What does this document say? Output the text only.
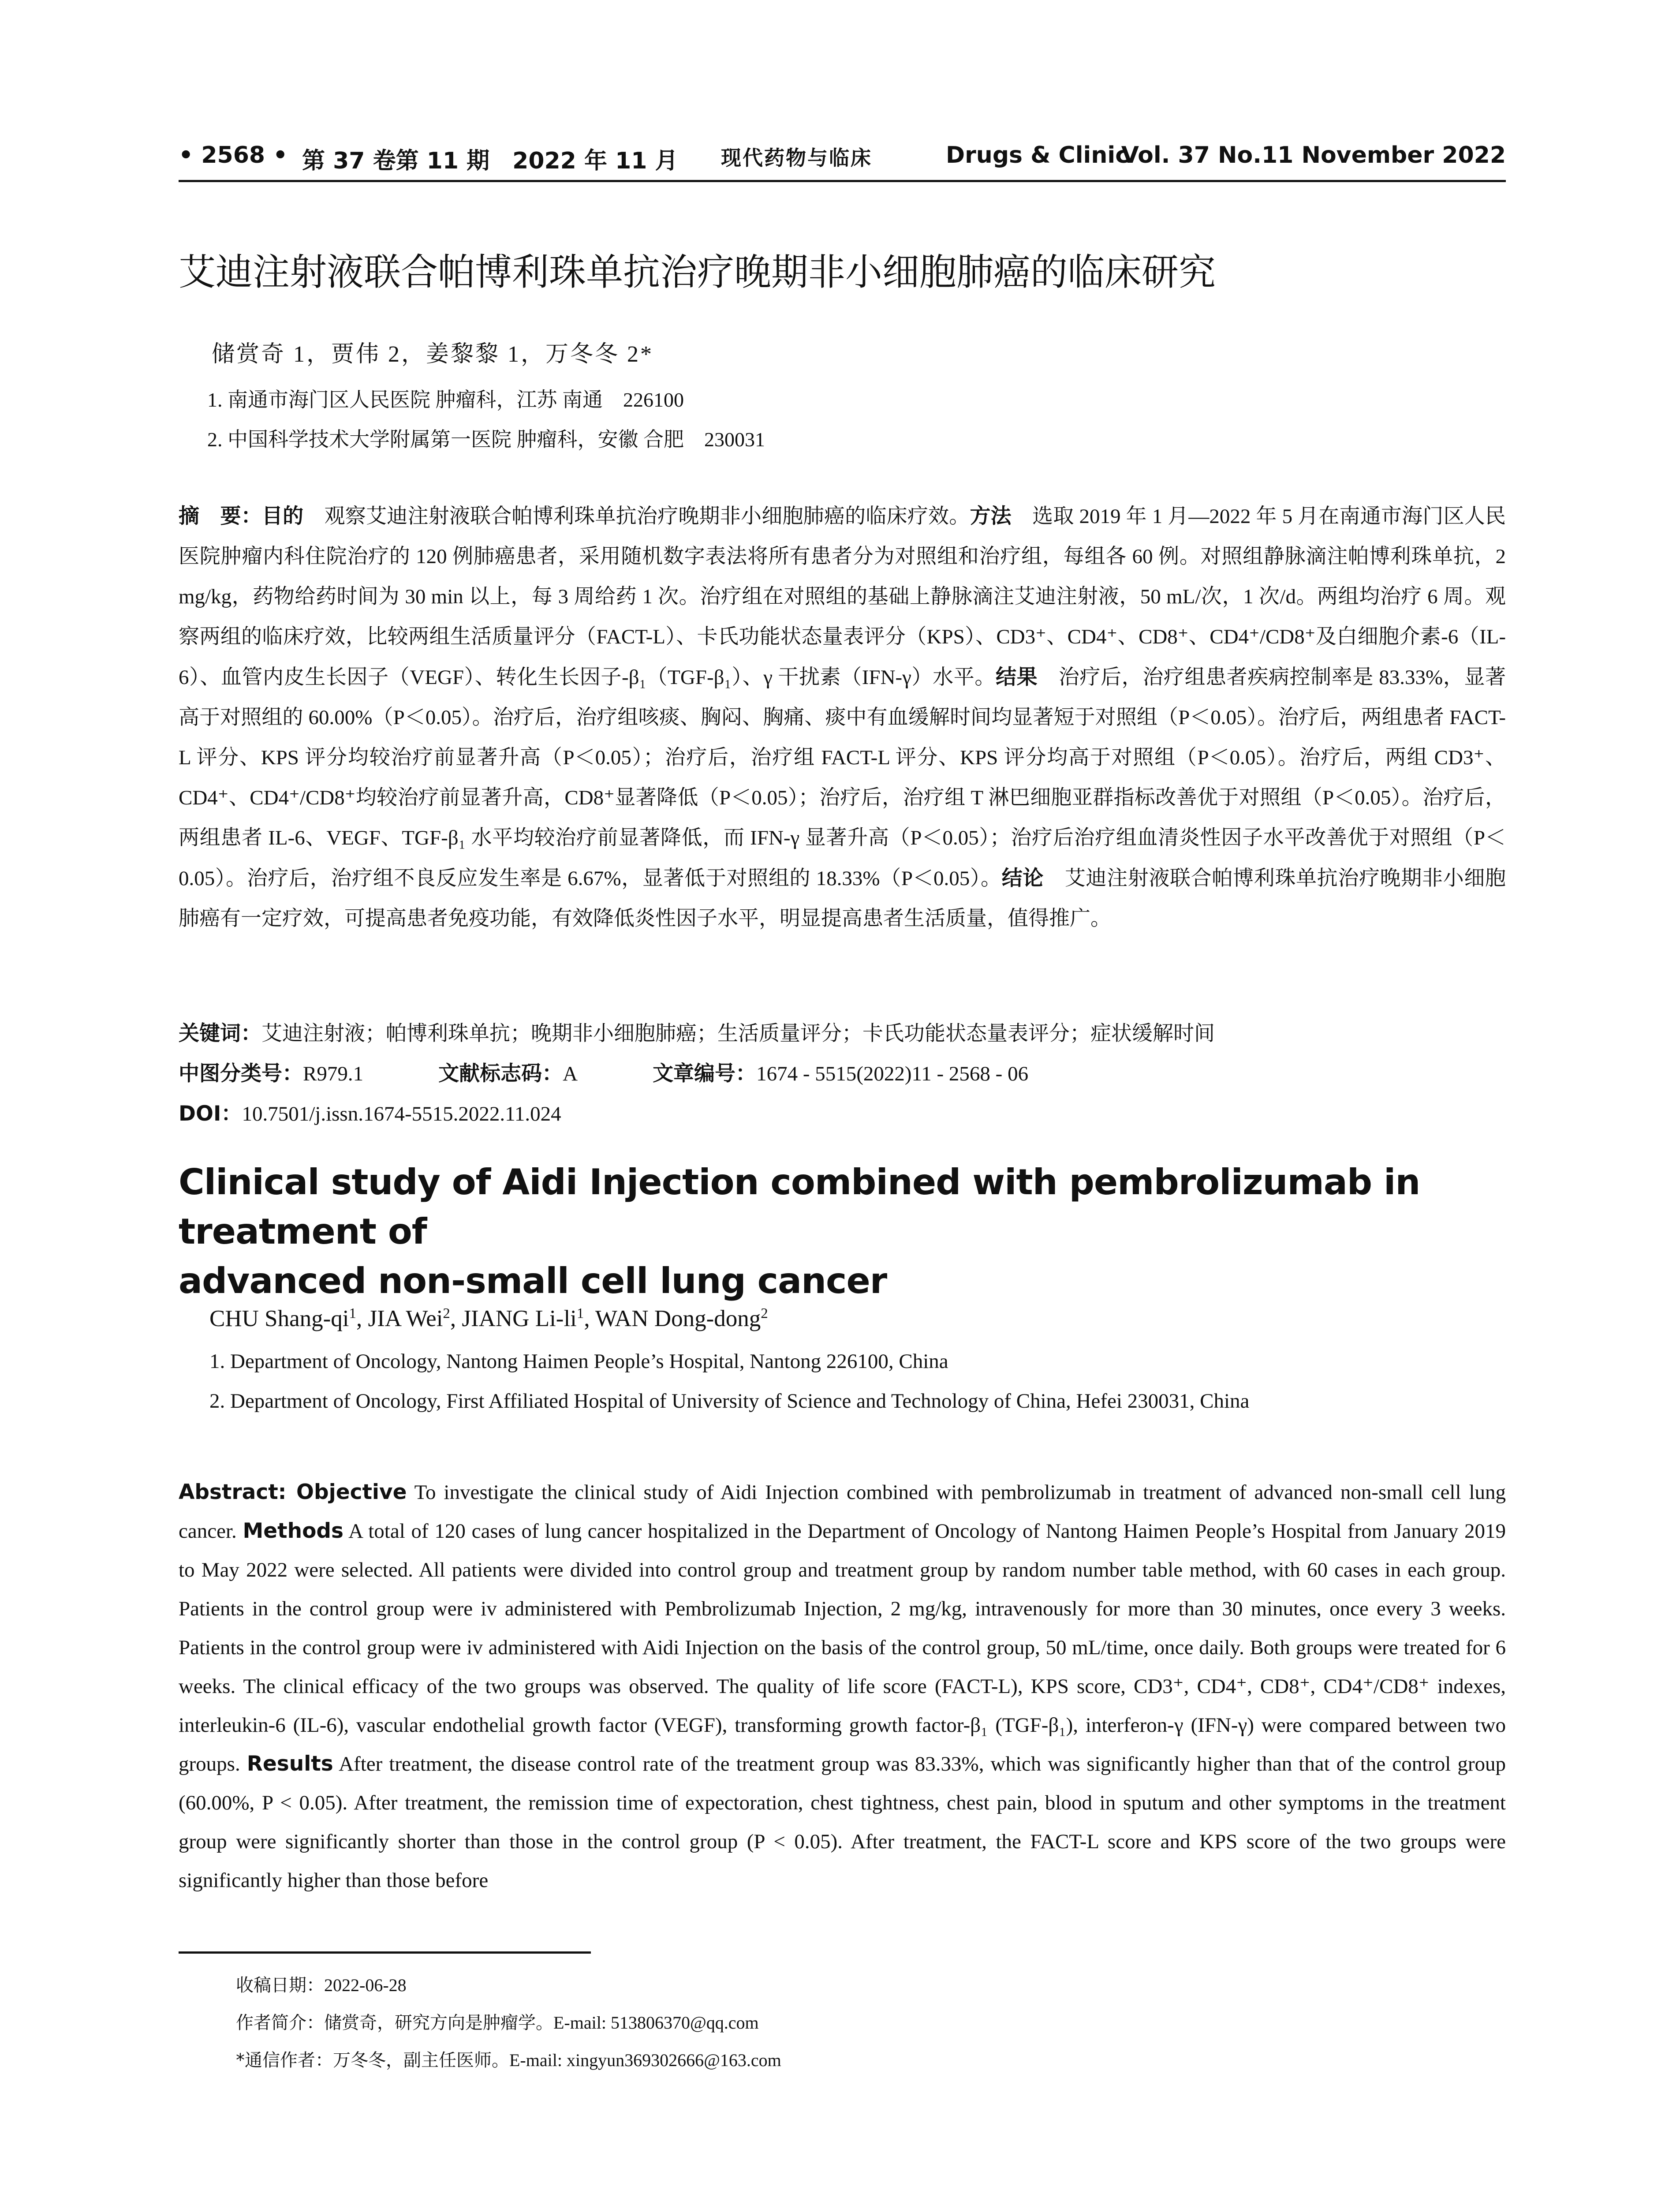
• 2568 • 第 37 卷第 11 期　2022 年 11 月 现代药物与临床	Drugs & Clinic
Vol. 37 No.11 November 2022
艾迪注射液联合帕博利珠单抗治疗晚期非小细胞肺癌的临床研究
储赏奇 1，贾伟 2，姜黎黎 1，万冬冬 2*
1. 南通市海门区人民医院 肿瘤科，江苏 南通　226100
2. 中国科学技术大学附属第一医院 肿瘤科，安徽 合肥　230031
摘　要：目的　观察艾迪注射液联合帕博利珠单抗治疗晚期非小细胞肺癌的临床疗效。方法　选取 2019 年 1 月—2022 年 5 月在南通市海门区人民医院肿瘤内科住院治疗的 120 例肺癌患者，采用随机数字表法将所有患者分为对照组和治疗组，每组各 60 例。对照组静脉滴注帕博利珠单抗，2 mg/kg，药物给药时间为 30 min 以上，每 3 周给药 1 次。治疗组在对照组的基础上静脉滴注艾迪注射液，50 mL/次，1 次/d。两组均治疗 6 周。观察两组的临床疗效，比较两组生活质量评分（FACT-L）、卡氏功能状态量表评分（KPS）、CD3⁺、CD4⁺、CD8⁺、CD4⁺/CD8⁺及白细胞介素-6（IL-6）、血管内皮生长因子（VEGF）、转化生长因子-β₁（TGF-β₁）、γ 干扰素（IFN-γ）水平。结果　治疗后，治疗组患者疾病控制率是 83.33%，显著高于对照组的 60.00%（P＜0.05）。治疗后，治疗组咳痰、胸闷、胸痛、痰中有血缓解时间均显著短于对照组（P＜0.05）。治疗后，两组患者 FACT-L 评分、KPS 评分均较治疗前显著升高（P＜0.05）；治疗后，治疗组 FACT-L 评分、KPS 评分均高于对照组（P＜0.05）。治疗后，两组 CD3⁺、CD4⁺、CD4⁺/CD8⁺均较治疗前显著升高，CD8⁺显著降低（P＜0.05）；治疗后，治疗组 T 淋巴细胞亚群指标改善优于对照组（P＜0.05）。治疗后，两组患者 IL-6、VEGF、TGF-β₁ 水平均较治疗前显著降低，而 IFN-γ 显著升高（P＜0.05）；治疗后治疗组血清炎性因子水平改善优于对照组（P＜0.05）。治疗后，治疗组不良反应发生率是 6.67%，显著低于对照组的 18.33%（P＜0.05）。结论　艾迪注射液联合帕博利珠单抗治疗晚期非小细胞肺癌有一定疗效，可提高患者免疫功能，有效降低炎性因子水平，明显提高患者生活质量，值得推广。
关键词：艾迪注射液；帕博利珠单抗；晚期非小细胞肺癌；生活质量评分；卡氏功能状态量表评分；症状缓解时间
中图分类号：R979.1	文献标志码：A	文章编号：1674 - 5515(2022)11 - 2568 - 06
DOI：10.7501/j.issn.1674-5515.2022.11.024
Clinical study of Aidi Injection combined with pembrolizumab in treatment of
advanced non-small cell lung cancer
CHU Shang-$qi^1$, JIA Wei$^2$, JIANG $Li-li^1$, WAN Dong-dong$^2$
1. Department of Oncology, Nantong Haimen People’s Hospital, Nantong 226100, China
2. Department of Oncology, First Affiliated Hospital of University of Science and Technology of China, Hefei 230031, China
Abstract: Objective To investigate the clinical study of Aidi Injection combined with pembrolizumab in treatment of advanced non-small cell lung cancer. Methods A total of 120 cases of lung cancer hospitalized in the Department of Oncology of Nantong Haimen People’s Hospital from January 2019 to May 2022 were selected. All patients were divided into control group and treatment group by random number table method, with 60 cases in each group. Patients in the control group were iv administered with Pembrolizumab Injection, 2 mg/kg, intravenously for more than 30 minutes, once every 3 weeks. Patients in the control group were iv administered with Aidi Injection on the basis of the control group, 50 mL/time, once daily. Both groups were treated for 6 weeks. The clinical efficacy of the two groups was observed. The quality of life score (FACT-L), KPS score, CD3⁺, CD4⁺, CD8⁺, CD4⁺/CD8⁺ indexes, interleukin-6 (IL-6), vascular endothelial growth factor (VEGF), transforming growth factor-β₁ (TGF-β₁), interferon-γ (IFN-γ) were compared between two groups. Results After treatment, the disease control rate of the treatment group was 83.33%, which was significantly higher than that of the control group (60.00%, P < 0.05). After treatment, the remission time of expectoration, chest tightness, chest pain, blood in sputum and other symptoms in the treatment group were significantly shorter than those in the control group (P < 0.05). After treatment, the FACT-L score and KPS score of the two groups were significantly higher than those before
收稿日期：2022-06-28
作者简介：储赏奇，研究方向是肿瘤学。E-mail: 513806370@qq.com
*通信作者：万冬冬，副主任医师。E-mail: xingyun369302666@163.com
